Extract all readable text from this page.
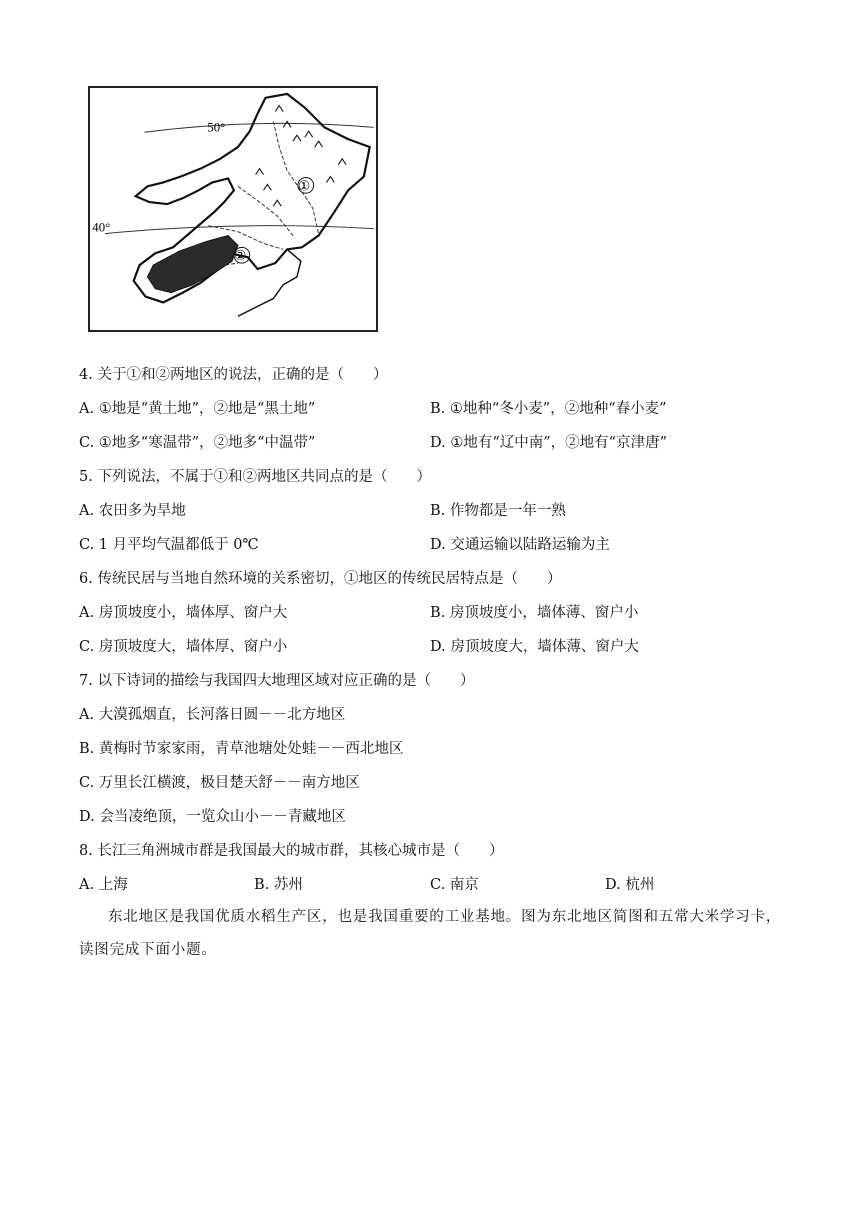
50°
40°
①
②
4. 关于①和②两地区的说法，正确的是（　　）
A. ①地是“黄土地”，②地是“黑土地”	B. ①地种“冬小麦”，②地种“春小麦”
C. ①地多“寒温带”，②地多“中温带”	D. ①地有“辽中南”，②地有“京津唐”
5. 下列说法，不属于①和②两地区共同点的是（　　）
A. 农田多为旱地	B. 作物都是一年一熟
C. 1 月平均气温都低于 0℃	D. 交通运输以陆路运输为主
6. 传统民居与当地自然环境的关系密切，①地区的传统民居特点是（　　）
A. 房顶坡度小，墙体厚、窗户大	B. 房顶坡度小，墙体薄、窗户小
C. 房顶坡度大，墙体厚、窗户小	D. 房顶坡度大，墙体薄、窗户大
7. 以下诗词的描绘与我国四大地理区域对应正确的是（　　）
A. 大漠孤烟直，长河落日圆－－北方地区
B. 黄梅时节家家雨，青草池塘处处蛙－－西北地区
C. 万里长江横渡，极目楚天舒－－南方地区
D. 会当凌绝顶，一览众山小－－青藏地区
8. 长江三角洲城市群是我国最大的城市群，其核心城市是（　　）
A. 上海	B. 苏州	C. 南京	D. 杭州
东北地区是我国优质水稻生产区，也是我国重要的工业基地。图为东北地区简图和五常大米学习卡，读图完成下面小题。
